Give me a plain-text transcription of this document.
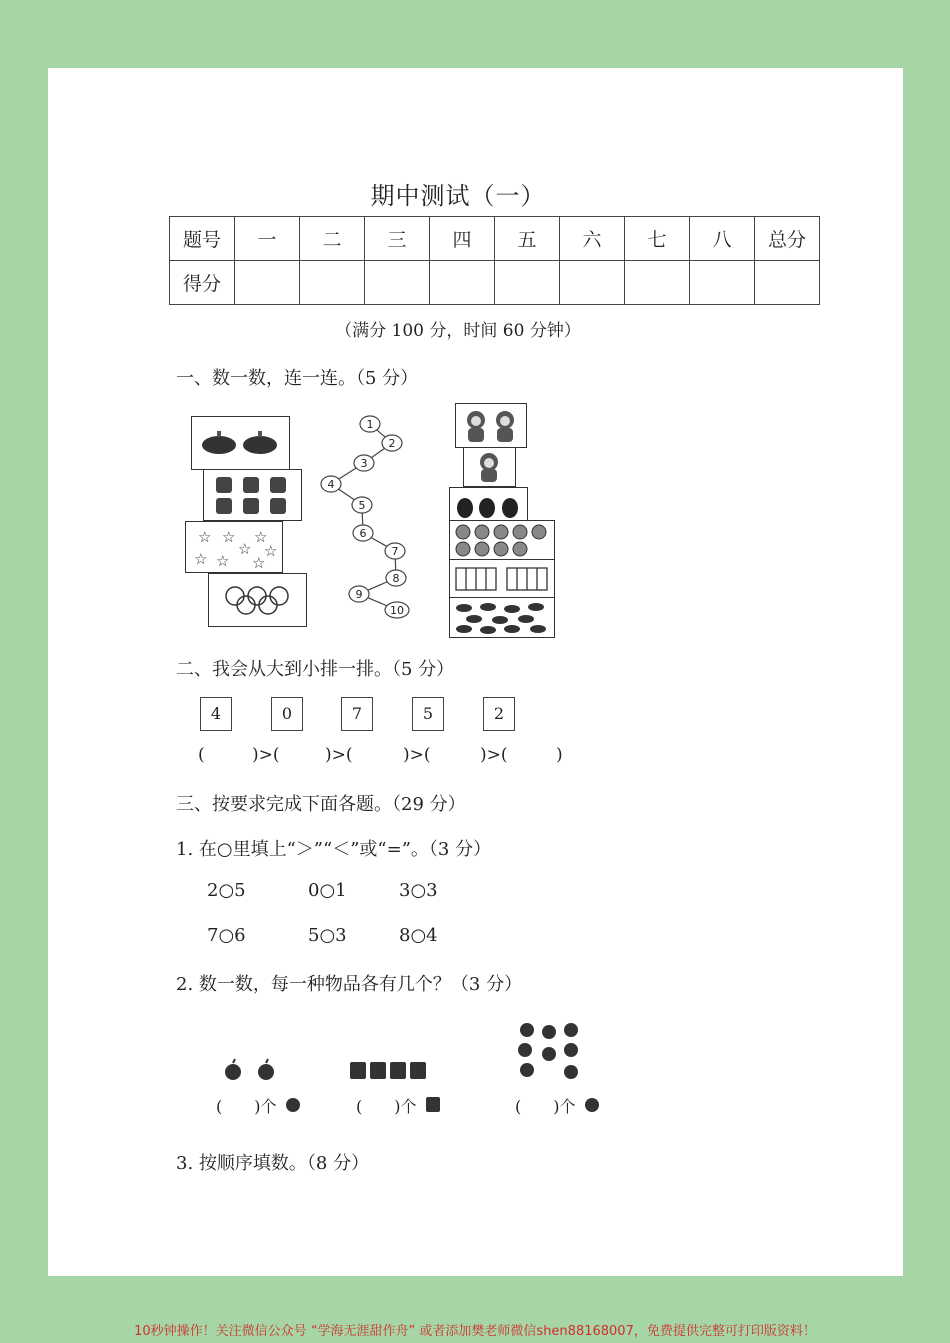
期中测试（一）
题号	一	二	三	四	五	六	七	八	总分
得分									
（满分 100 分，时间 60 分钟）
一、数一数，连一连。（5 分）
☆ ☆ ☆
☆ ☆
☆ ☆ ☆
1
2
3
4
5
6
7
8
9
10
二、我会从大到小排一排。（5 分）
4	0	7	5	2
(	)>(	)>(	)>(	)>(	)
三、按要求完成下面各题。（29 分）
1. 在○里填上“＞”“＜”或“=”。（3 分）
2○5	0○1	3○3
7○6	5○3	8○4
2. 数一数，每一种物品各有几个？（3 分）
(　　)个	(　　)个	(　　)个
3. 按顺序填数。（8 分）
10秒钟操作！关注微信公众号 “学海无涯甜作舟” 或者添加樊老师微信shen88168007，免费提供完整可打印版资料！
